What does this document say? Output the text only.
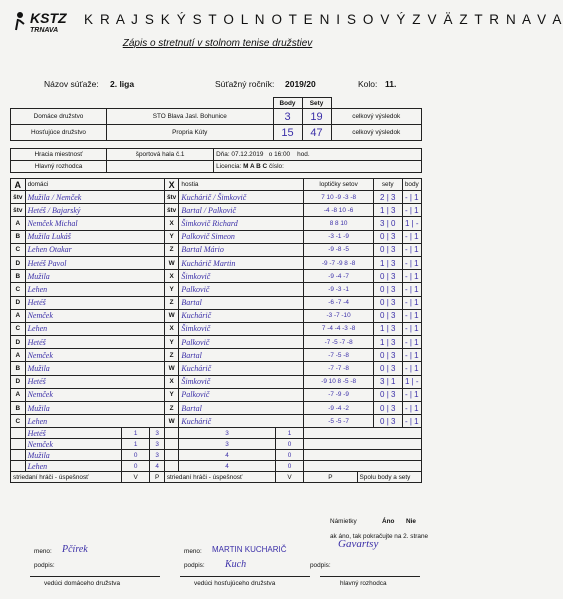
KSTZ
TRNAVA
K R A J S K Ý S T O L N O T E N I S O V Ý Z V Ä Z T R N A V A
Zápis o stretnutí v stolnom tenise družstiev
Názov súťaže: 2. liga	Súťažný ročník: 2019/20	Kolo: 11.
		Body	Sety	
Domáce družstvo	STO Blava Jasl. Bohunice	3	19	celkový výsledok
Hosťujúce družstvo	Propria Kúty	15	47	celkový výsledok
Hracia miestnosť	športová hala č.1	Dňa: 07.12.2019 o 16:00 hod.
Hlavný rozhodca		Licencia: M A B C číslo:
A	domáci			X	hostia		loptičky setov		sety	body
štv	Mužila / Nemček			štv	Kuchárič / Šimkovič		7 10 -9 -3 -8		2 | 3	- | 1
štv	Hetéš / Bajarský			štv	Bartal / Palkovič		-4 -8 10 -6		1 | 3	- | 1
A	Nemček Michal			X	Šimkovič Richard		8 8 10		3 | 0	1 | -
B	Mužila Lukáš			Y	Palkovič Simeon		-3 -1 -9		0 | 3	- | 1
C	Lehen Otakar			Z	Bartal Mário		-9 -8 -5		0 | 3	- | 1
D	Hetéš Pavol			W	Kuchárič Martin		-9 -7 -9 8 -8		1 | 3	- | 1
B	Mužila			X	Šimkovič		-9 -4 -7		0 | 3	- | 1
C	Lehen			Y	Palkovič		-9 -3 -1		0 | 3	- | 1
D	Hetéš			Z	Bartal		-6 -7 -4		0 | 3	- | 1
A	Nemček			W	Kuchárič		-3 -7 -10		0 | 3	- | 1
C	Lehen			X	Šimkovič		7 -4 -4 -3 -8		1 | 3	- | 1
D	Hetéš			Y	Palkovič		-7 -5 -7 -8		1 | 3	- | 1
A	Nemček			Z	Bartal		-7 -5 -8		0 | 3	- | 1
B	Mužila			W	Kuchárič		-7 -7 -8		0 | 3	- | 1
D	Hetéš			X	Šimkovič		-9 10 8 -5 -8		3 | 1	1 | -
A	Nemček			Y	Palkovič		-7 -9 -9		0 | 3	- | 1
B	Mužila			Z	Bartal		-9 -4 -2		0 | 3	- | 1
C	Lehen			W	Kuchárič		-5 -5 -7		0 | 3	- | 1
	Hetéš	1	3		3	1				
	Nemček	1	3		3	0				
	Mužila	0	3		4	0				
	Lehen	0	4		4	0				
striedaní hráči - úspešnosť		V	P	striedaní hráči - úspešnosť		V	P	Spolu body a sety		
Námietky	Áno Nie
ak áno, tak pokračujte na 2. strane
meno: Pčírek	meno: MARTIN KUCHARIČ	Gavartsy
podpis:	podpis: Kuch	podpis:
vedúci domáceho družstva	vedúci hosťujúceho družstva	hlavný rozhodca
